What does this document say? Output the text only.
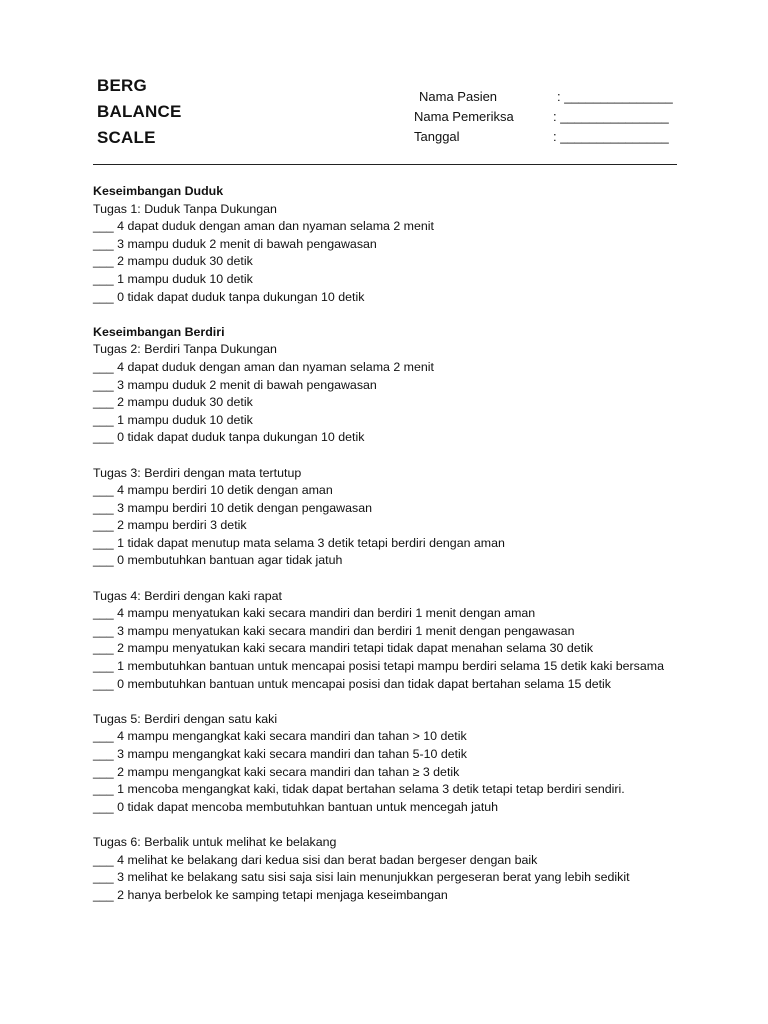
BERG
BALANCE
SCALE
Nama Pasien	: _______________
Nama Pemeriksa	: _______________
Tanggal	: _______________
Keseimbangan Duduk
Tugas 1: Duduk Tanpa Dukungan
___ 4 dapat duduk dengan aman dan nyaman selama 2 menit
___ 3 mampu duduk 2 menit di bawah pengawasan
___ 2 mampu duduk 30 detik
___ 1 mampu duduk 10 detik
___ 0 tidak dapat duduk tanpa dukungan 10 detik
Keseimbangan Berdiri
Tugas 2: Berdiri Tanpa Dukungan
___ 4 dapat duduk dengan aman dan nyaman selama 2 menit
___ 3 mampu duduk 2 menit di bawah pengawasan
___ 2 mampu duduk 30 detik
___ 1 mampu duduk 10 detik
___ 0 tidak dapat duduk tanpa dukungan 10 detik
Tugas 3: Berdiri dengan mata tertutup
___ 4 mampu berdiri 10 detik dengan aman
___ 3 mampu berdiri 10 detik dengan pengawasan
___ 2 mampu berdiri 3 detik
___ 1 tidak dapat menutup mata selama 3 detik tetapi berdiri dengan aman
___ 0 membutuhkan bantuan agar tidak jatuh
Tugas 4: Berdiri dengan kaki rapat
___ 4 mampu menyatukan kaki secara mandiri dan berdiri 1 menit dengan aman
___ 3 mampu menyatukan kaki secara mandiri dan berdiri 1 menit dengan pengawasan
___ 2 mampu menyatukan kaki secara mandiri tetapi tidak dapat menahan selama 30 detik
___ 1 membutuhkan bantuan untuk mencapai posisi tetapi mampu berdiri selama 15 detik kaki bersama
___ 0 membutuhkan bantuan untuk mencapai posisi dan tidak dapat bertahan selama 15 detik
Tugas 5: Berdiri dengan satu kaki
___ 4 mampu mengangkat kaki secara mandiri dan tahan > 10 detik
___ 3 mampu mengangkat kaki secara mandiri dan tahan 5-10 detik
___ 2 mampu mengangkat kaki secara mandiri dan tahan ≥ 3 detik
___ 1 mencoba mengangkat kaki, tidak dapat bertahan selama 3 detik tetapi tetap berdiri sendiri.
___ 0 tidak dapat mencoba membutuhkan bantuan untuk mencegah jatuh
Tugas 6: Berbalik untuk melihat ke belakang
___ 4 melihat ke belakang dari kedua sisi dan berat badan bergeser dengan baik
___ 3 melihat ke belakang satu sisi saja sisi lain menunjukkan pergeseran berat yang lebih sedikit
___ 2 hanya berbelok ke samping tetapi menjaga keseimbangan
